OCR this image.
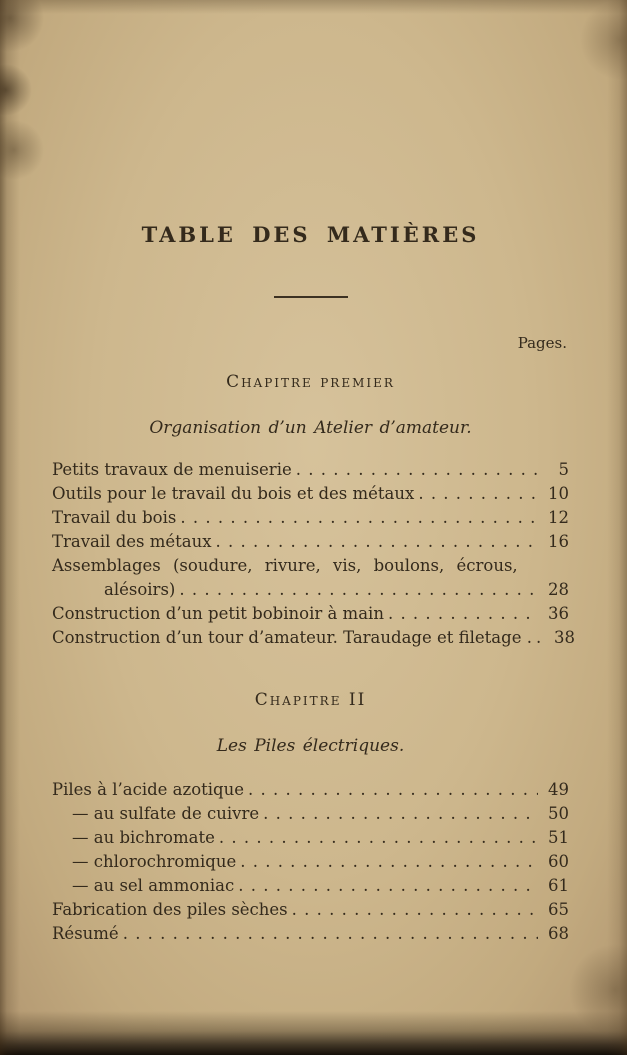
TABLE DES MATIÈRES
Pages.
Chapitre premier
Organisation d’un Atelier d’amateur.
Petits travaux de menuiserie . . .	5
Outils pour le travail du bois et des métaux . . .	10
Travail du bois . . .	12
Travail des métaux . . .	16
Assemblages (soudure, rivure, vis, boulons, écrous,
alésoirs) . . .	28
Construction d’un petit bobinoir à main . . .	36
Construction d’un tour d’amateur. Taraudage et filetage . . . .	38
Chapitre II
Les Piles électriques.
Piles à l’acide azotique . . .	49
— au sulfate de cuivre . . .	50
— au bichromate . . .	51
— chlorochromique . . .	60
— au sel ammoniac . . .	61
Fabrication des piles sèches . . .	65
Résumé . . .	68
